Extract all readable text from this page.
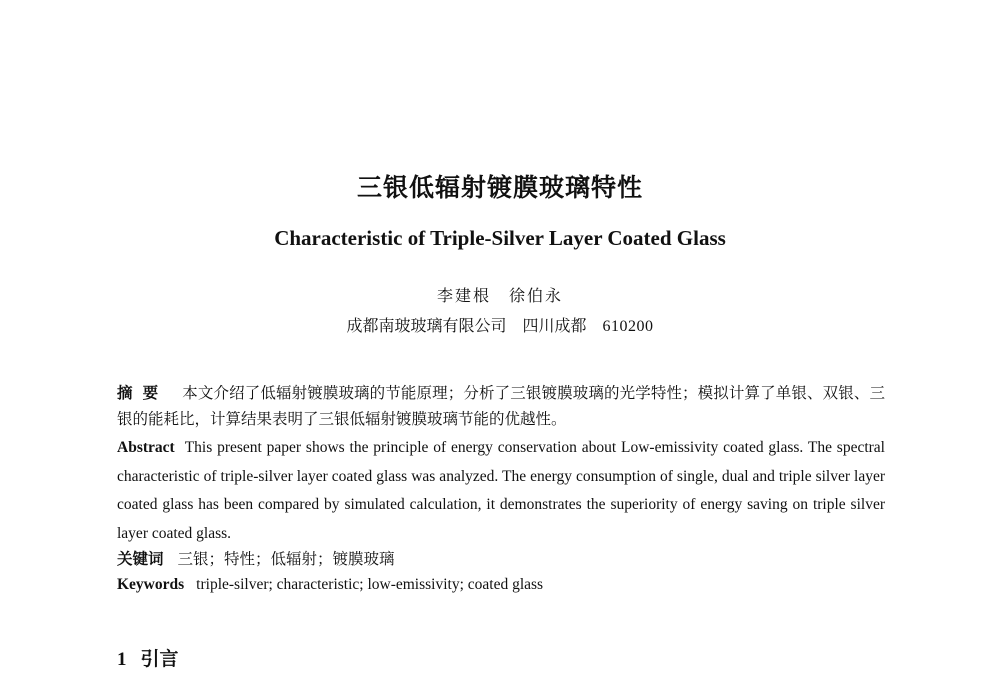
三银低辐射镀膜玻璃特性
Characteristic of Triple-Silver Layer Coated Glass
李建根　徐伯永
成都南玻玻璃有限公司 四川成都 610200
摘要 本文介绍了低辐射镀膜玻璃的节能原理；分析了三银镀膜玻璃的光学特性；模拟计算了单银、双银、三银的能耗比，计算结果表明了三银低辐射镀膜玻璃节能的优越性。
Abstract This present paper shows the principle of energy conservation about Low-emissivity coated glass. The spectral characteristic of triple-silver layer coated glass was analyzed. The energy consumption of single, dual and triple silver layer coated glass has been compared by simulated calculation, it demonstrates the superiority of energy saving on triple silver layer coated glass.
关键词 三银；特性；低辐射；镀膜玻璃
Keywords triple-silver; characteristic; low-emissivity; coated glass
1 引言
